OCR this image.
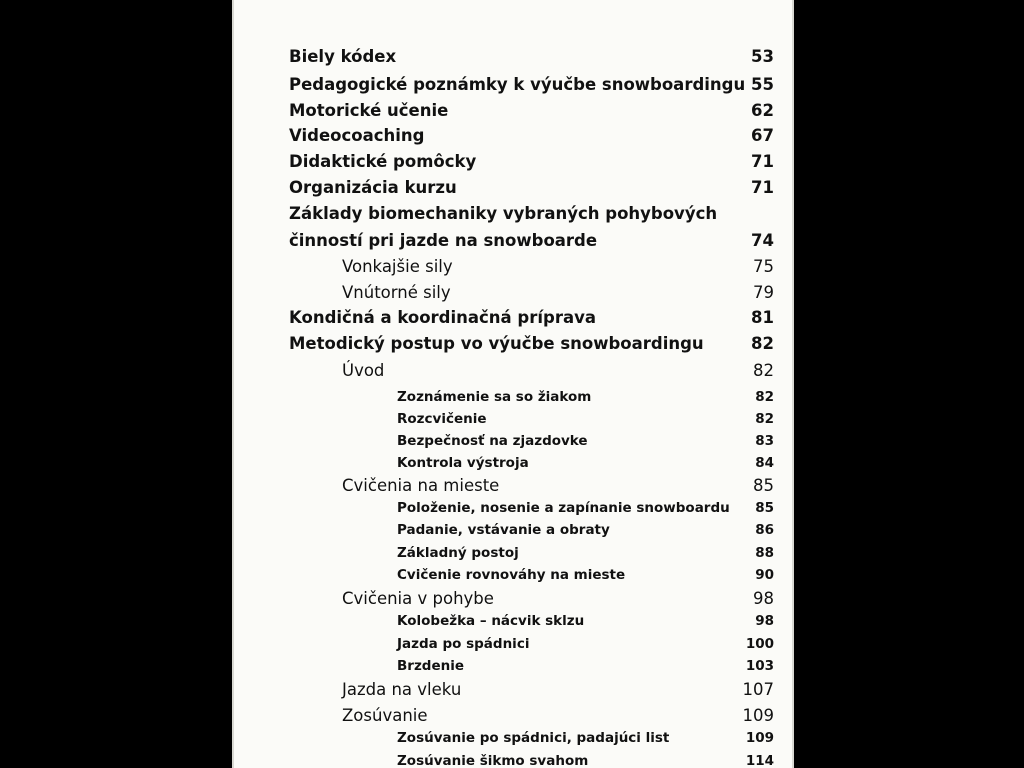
Biely kódex	53
Pedagogické poznámky k výučbe snowboardingu 55
Motorické učenie	62
Videocoaching	67
Didaktické pomôcky	71
Organizácia kurzu	71
Základy biomechaniky vybraných pohybových
činností pri jazde na snowboarde	74
Vonkajšie sily	75
Vnútorné sily	79
Kondičná a koordinačná príprava	81
Metodický postup vo výučbe snowboardingu	82
Úvod	82
Zoznámenie sa so žiakom	82
Rozcvičenie	82
Bezpečnosť na zjazdovke	83
Kontrola výstroja	84
Cvičenia na mieste	85
Položenie, nosenie a zapínanie snowboardu 85
Padanie, vstávanie a obraty	86
Základný postoj	88
Cvičenie rovnováhy na mieste	90
Cvičenia v pohybe	98
Kolobežka – nácvik sklzu	98
Jazda po spádnici	100
Brzdenie	103
Jazda na vleku	107
Zosúvanie	109
Zosúvanie po spádnici, padajúci list	109
Zosúvanie šikmo svahom	114
